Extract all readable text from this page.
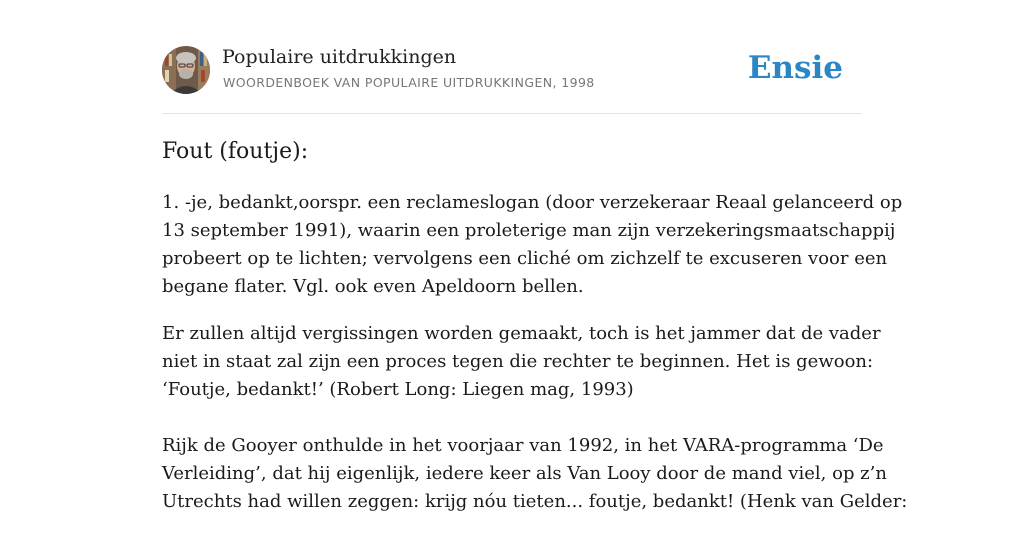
Populaire uitdrukkingen
WOORDENBOEK VAN POPULAIRE UITDRUKKINGEN, 1998	Ensie
Fout (foutje):
1. -je, bedankt,oorspr. een reclameslogan (door verzekeraar Reaal gelanceerd op
13 september 1991), waarin een proleterige man zijn verzekeringsmaatschappij
probeert op te lichten; vervolgens een cliché om zichzelf te excuseren voor een
begane flater. Vgl. ook even Apeldoorn bellen.
Er zullen altijd vergissingen worden gemaakt, toch is het jammer dat de vader
niet in staat zal zijn een proces tegen die rechter te beginnen. Het is gewoon:
‘Foutje, bedankt!’ (Robert Long: Liegen mag, 1993)
Rijk de Gooyer onthulde in het voorjaar van 1992, in het VARA-programma ‘De
Verleiding’, dat hij eigenlijk, iedere keer als Van Looy door de mand viel, op z’n
Utrechts had willen zeggen: krijg nóu tieten... foutje, bedankt! (Henk van Gelder:
